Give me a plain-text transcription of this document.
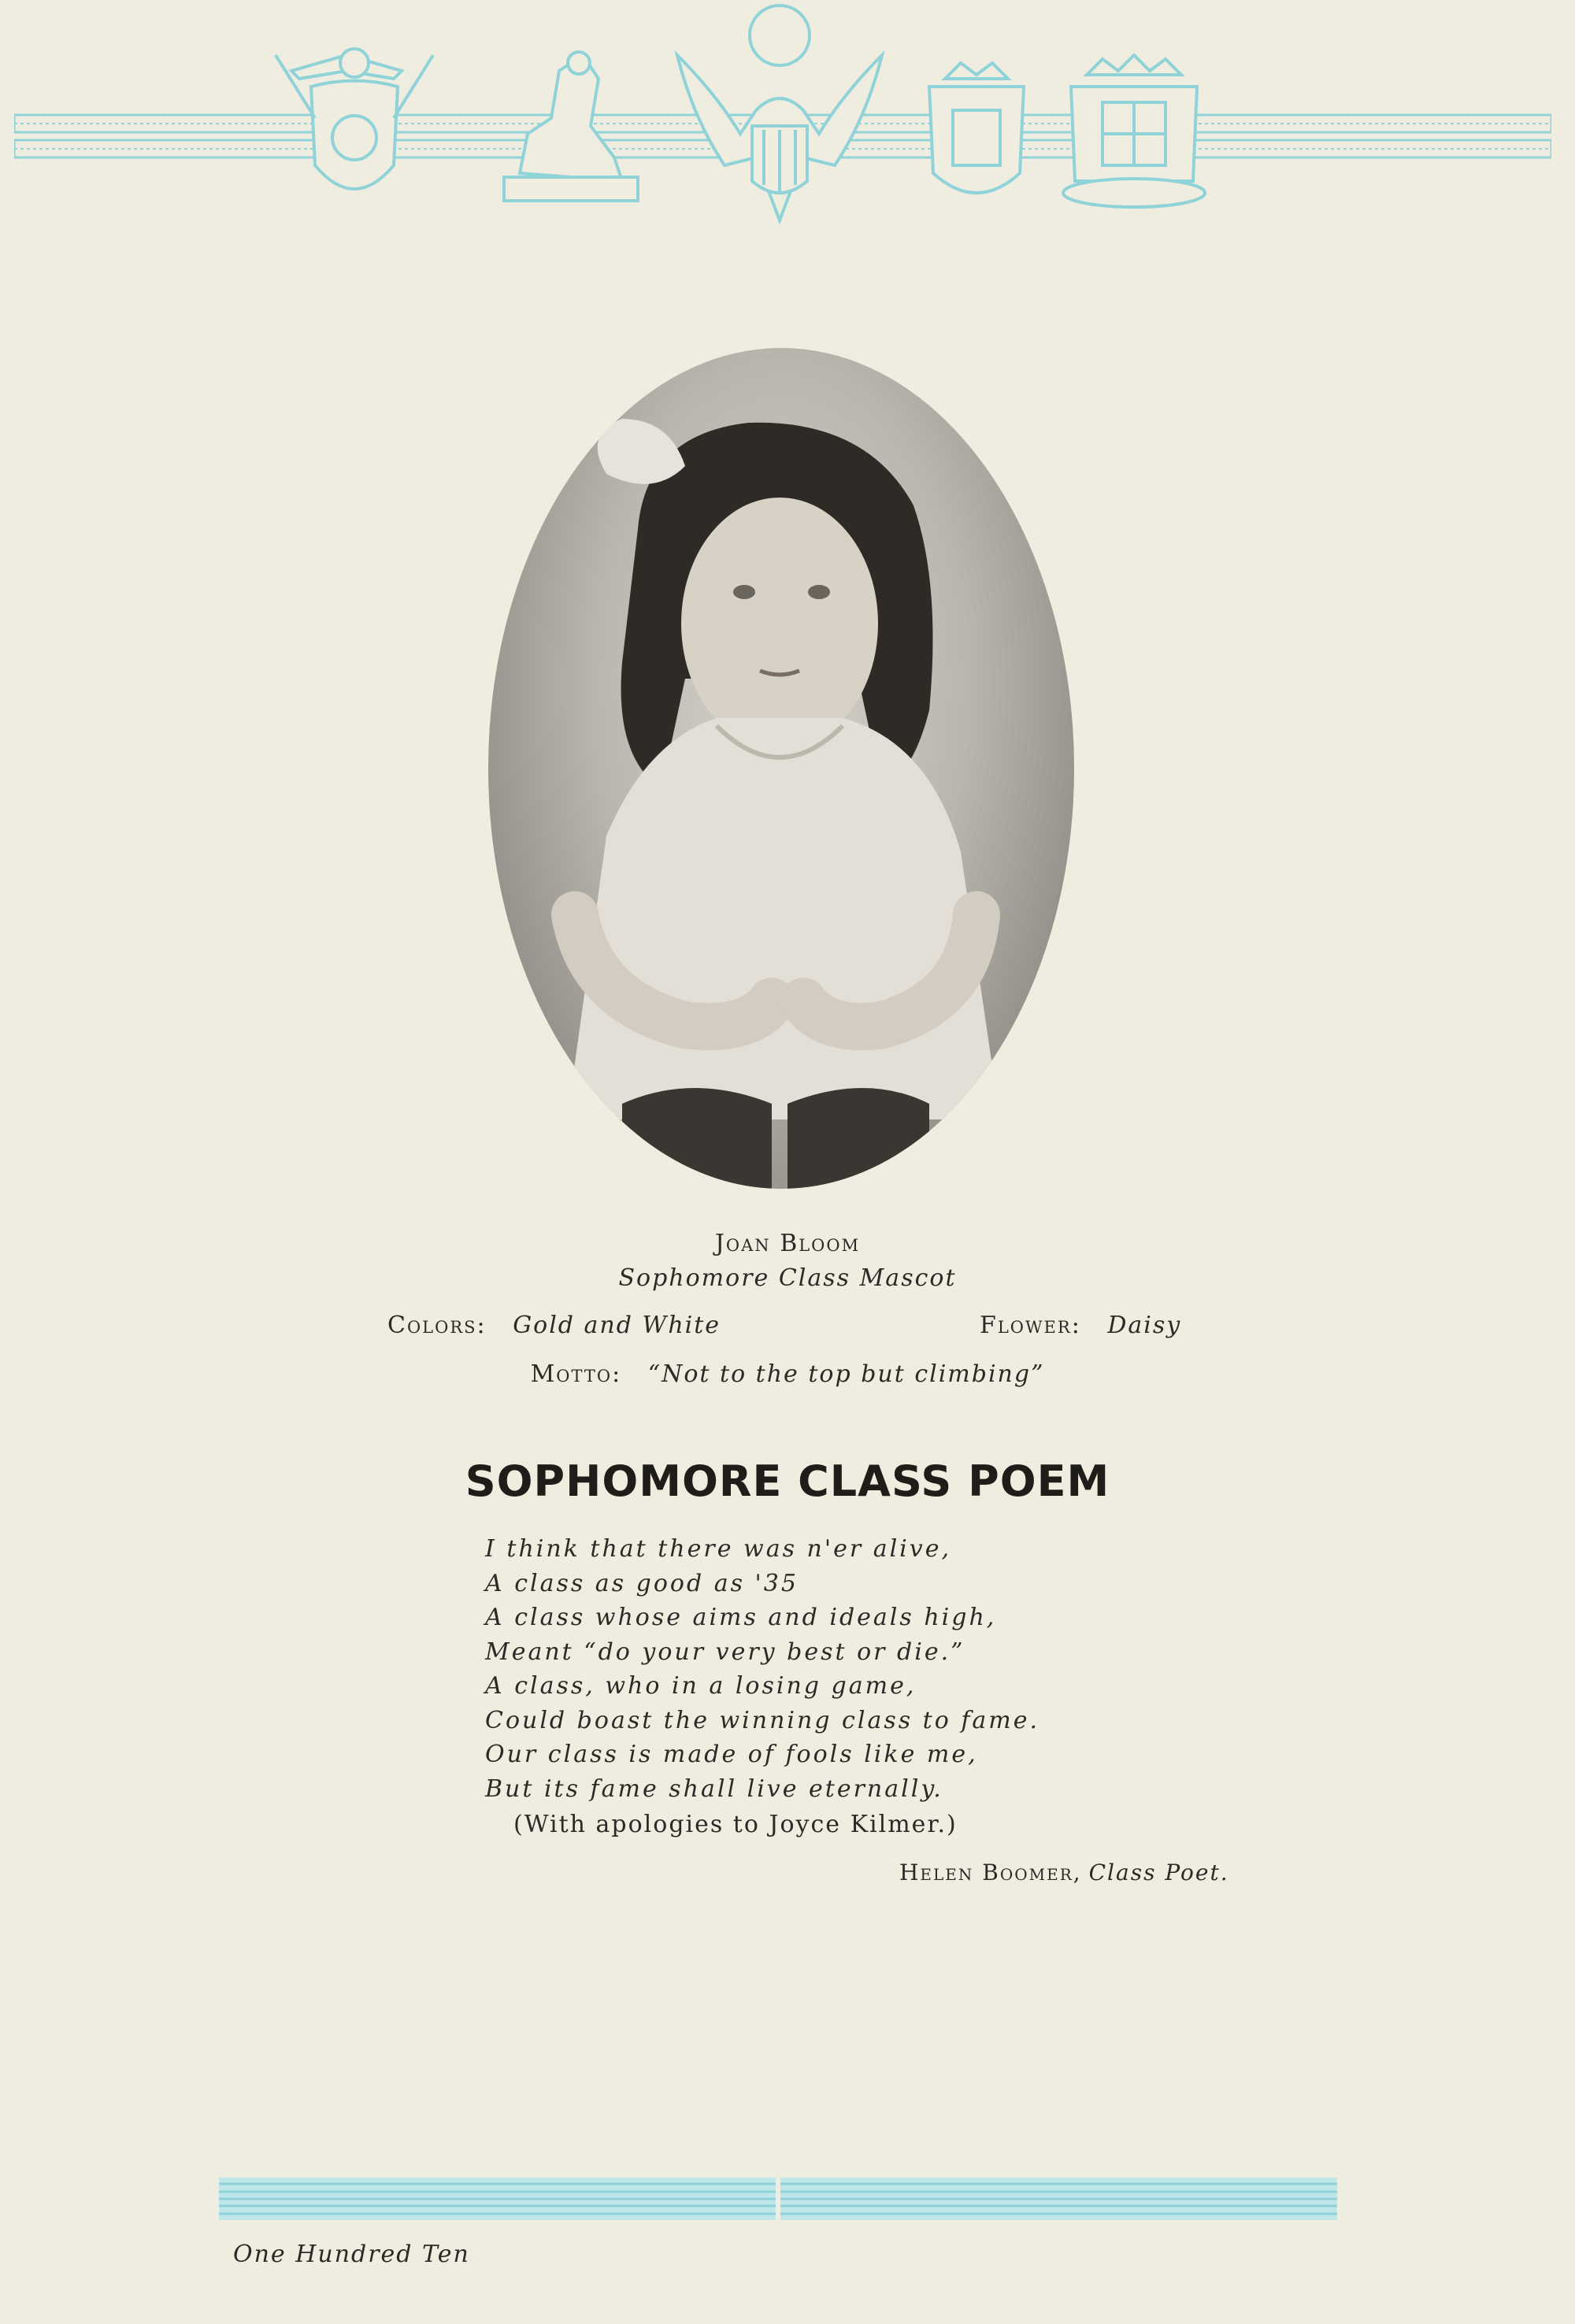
Joan Bloom
Sophomore Class Mascot
Colors: Gold and White	Flower: Daisy
Motto: “Not to the top but climbing”
SOPHOMORE CLASS POEM
I think that there was n'er alive,
A class as good as '35
A class whose aims and ideals high,
Meant “do your very best or die.”
A class, who in a losing game,
Could boast the winning class to fame.
Our class is made of fools like me,
But its fame shall live eternally.
(With apologies to Joyce Kilmer.)
Helen Boomer, Class Poet.
One Hundred Ten
